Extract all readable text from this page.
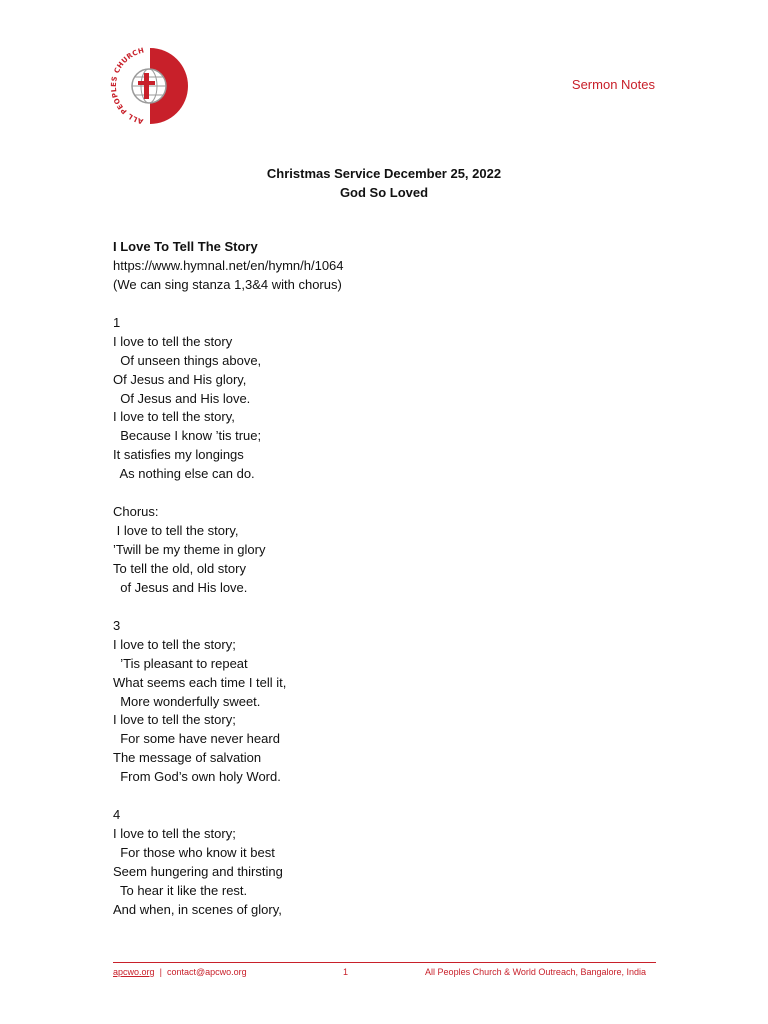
ALL PEOPLES CHURCH
Sermon Notes
Christmas Service December 25, 2022
God So Loved
I Love To Tell The Story
https://www.hymnal.net/en/hymn/h/1064
(We can sing stanza 1,3&4 with chorus)
1
I love to tell the story
Of unseen things above,
Of Jesus and His glory,
Of Jesus and His love.
I love to tell the story,
Because I know ’tis true;
It satisfies my longings
As nothing else can do.
Chorus:
I love to tell the story,
’Twill be my theme in glory
To tell the old, old story
of Jesus and His love.
3
I love to tell the story;
’Tis pleasant to repeat
What seems each time I tell it,
More wonderfully sweet.
I love to tell the story;
For some have never heard
The message of salvation
From God’s own holy Word.
4
I love to tell the story;
For those who know it best
Seem hungering and thirsting
To hear it like the rest.
And when, in scenes of glory,
apcwo.org | contact@apcwo.org	1	All Peoples Church & World Outreach, Bangalore, India
